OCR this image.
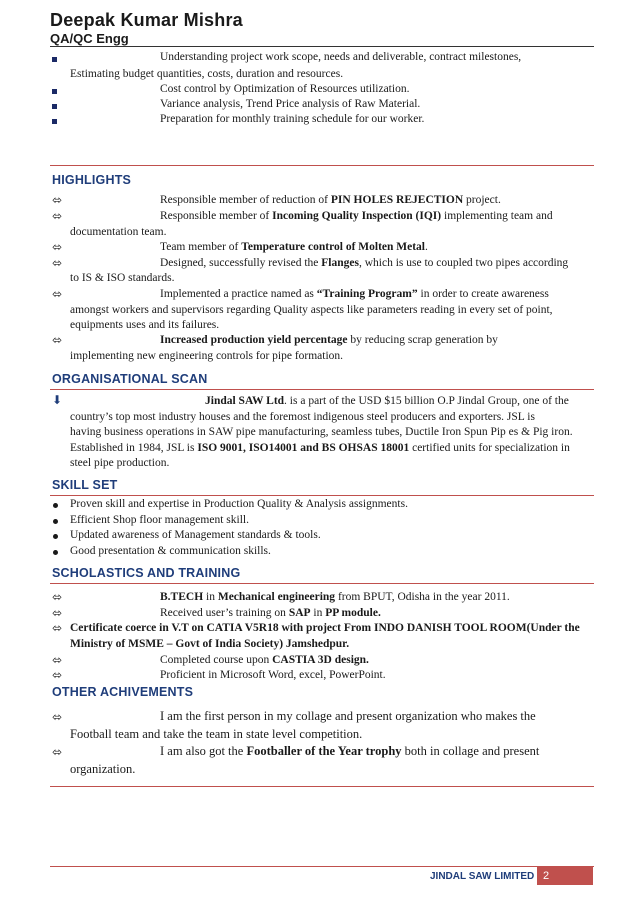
Deepak Kumar Mishra
QA/QC Engg
Understanding project work scope, needs and deliverable, contract milestones,
Estimating budget quantities, costs, duration and resources.
Cost control by Optimization of Resources utilization.
Variance analysis, Trend Price analysis of Raw Material.
Preparation for monthly training schedule for our worker.
HIGHLIGHTS
⬄	Responsible member of reduction of PIN HOLES REJECTION project.
⬄	Responsible member of Incoming Quality Inspection (IQI) implementing team and
documentation team.
⬄	Team member of Temperature control of Molten Metal.
⬄	Designed, successfully revised the Flanges, which is use to coupled two pipes according
to IS & ISO standards.
⬄	Implemented a practice named as “Training Program” in order to create awareness
amongst workers and supervisors regarding Quality aspects like parameters reading in every set of point,
equipments uses and its failures.
⬄	Increased production yield percentage by reducing scrap generation by
implementing new engineering controls for pipe formation.
ORGANISATIONAL SCAN
⬇	Jindal SAW Ltd. is a part of the USD $15 billion O.P Jindal Group, one of the
country’s top most industry houses and the foremost indigenous steel producers and exporters. JSL is
having business operations in SAW pipe manufacturing, seamless tubes, Ductile Iron Spun Pip es & Pig iron.
Established in 1984, JSL is ISO 9001, ISO14001 and BS OHSAS 18001 certified units for specialization in
steel pipe production.
SKILL SET
Proven skill and expertise in Production Quality & Analysis assignments.
Efficient Shop floor management skill.
Updated awareness of Management standards & tools.
Good presentation & communication skills.
SCHOLASTICS AND TRAINING
⬄	B.TECH in Mechanical engineering from BPUT, Odisha in the year 2011.
⬄	Received user’s training on SAP in PP module.
⬄ Certificate coerce in V.T on CATIA V5R18 with project From INDO DANISH TOOL ROOM(Under the
Ministry of MSME – Govt of India Society) Jamshedpur.
⬄	Completed course upon CASTIA 3D design.
⬄	Proficient in Microsoft Word, excel, PowerPoint.
OTHER ACHIVEMENTS
⬄	I am the first person in my collage and present organization who makes the
Football team and take the team in state level competition.
⬄	I am also got the Footballer of the Year trophy both in collage and present
organization.
JINDAL SAW LIMITED 2
